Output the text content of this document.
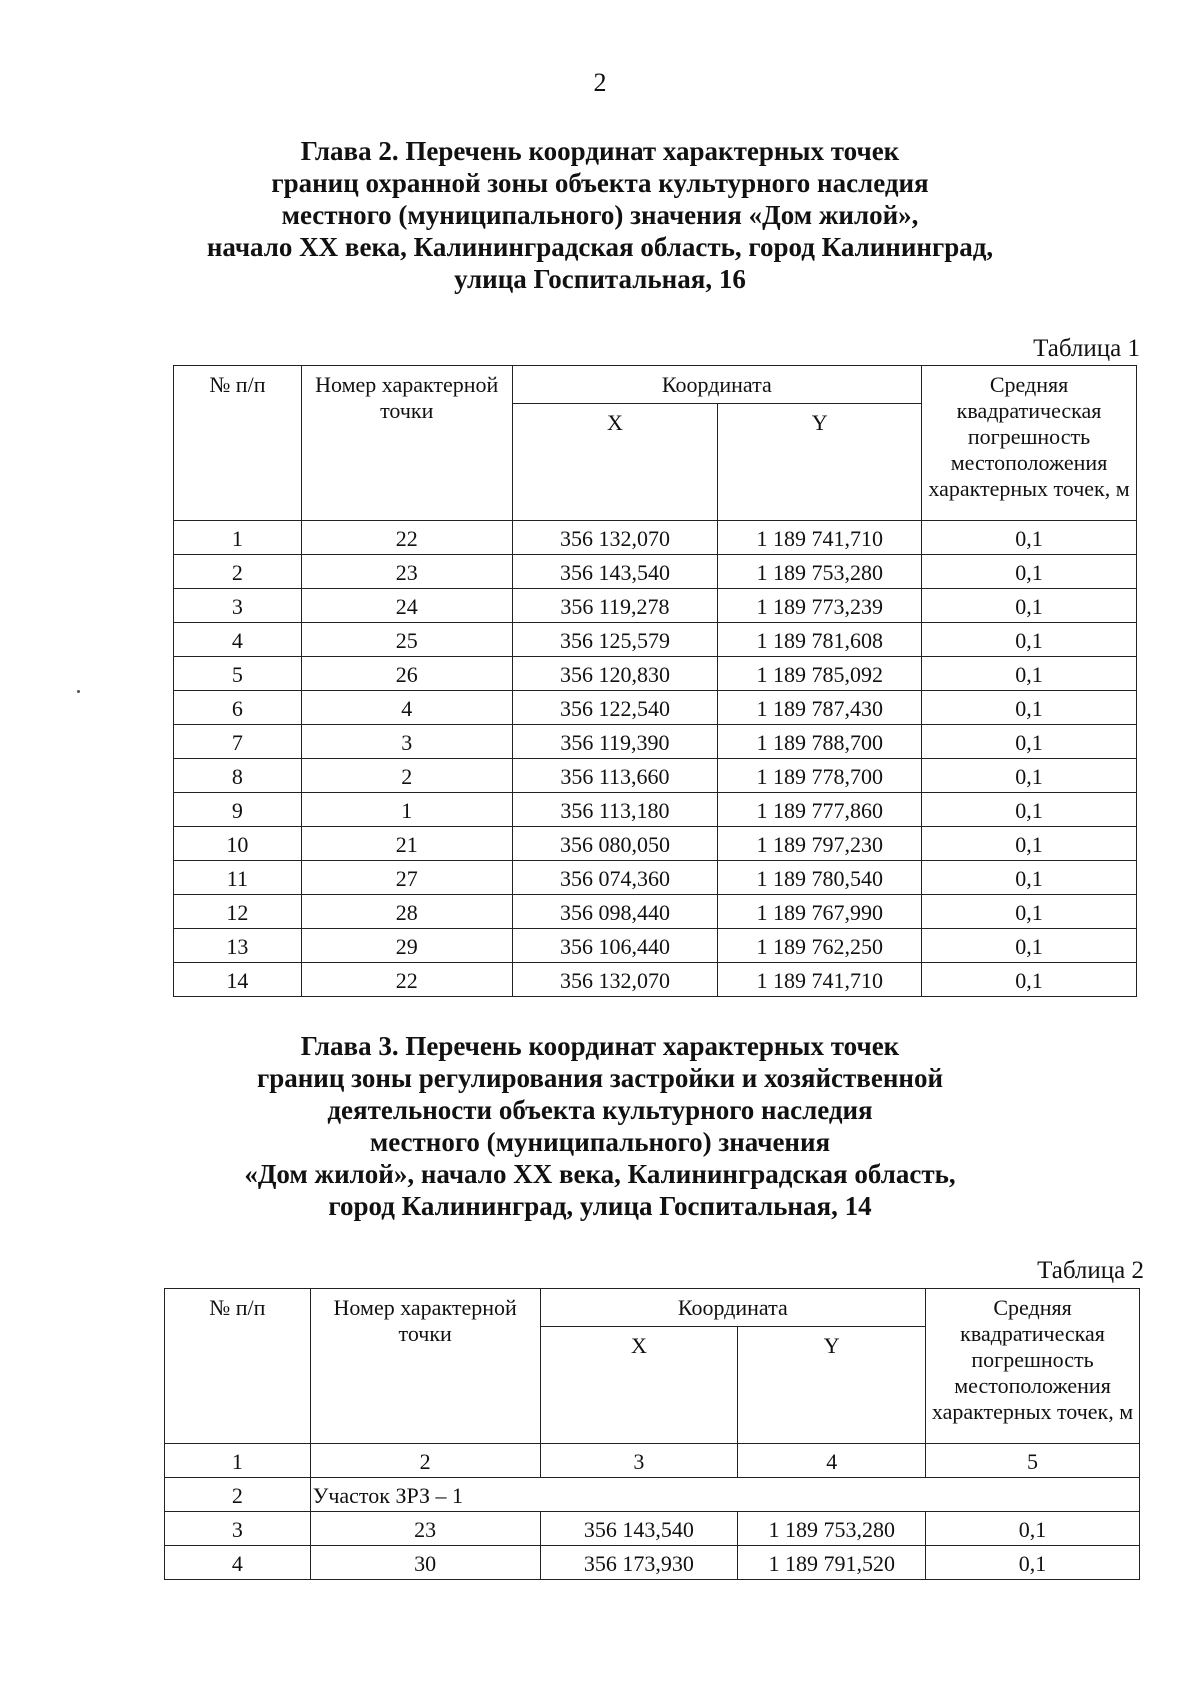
2
Глава 2. Перечень координат характерных точек
границ охранной зоны объекта культурного наследия
местного (муниципального) значения «Дом жилой»,
начало XX века, Калининградская область, город Калининград,
улица Госпитальная, 16
Таблица 1
№ п/п	Номер характерной точки	Координата		Средняя квадратическая погрешность местоположения характерных точек, м
		X	Y	
1	22	356 132,070	1 189 741,710	0,1
2	23	356 143,540	1 189 753,280	0,1
3	24	356 119,278	1 189 773,239	0,1
4	25	356 125,579	1 189 781,608	0,1
5	26	356 120,830	1 189 785,092	0,1
6	4	356 122,540	1 189 787,430	0,1
7	3	356 119,390	1 189 788,700	0,1
8	2	356 113,660	1 189 778,700	0,1
9	1	356 113,180	1 189 777,860	0,1
10	21	356 080,050	1 189 797,230	0,1
11	27	356 074,360	1 189 780,540	0,1
12	28	356 098,440	1 189 767,990	0,1
13	29	356 106,440	1 189 762,250	0,1
14	22	356 132,070	1 189 741,710	0,1
Глава 3. Перечень координат характерных точек
границ зоны регулирования застройки и хозяйственной
деятельности объекта культурного наследия
местного (муниципального) значения
«Дом жилой», начало XX века, Калининградская область,
город Калининград, улица Госпитальная, 14
Таблица 2
№ п/п	Номер характерной точки	Координата		Средняя квадратическая погрешность местоположения характерных точек, м
		X	Y	
1	2	3	4	5
2	Участок ЗРЗ – 1			
3	23	356 143,540	1 189 753,280	0,1
4	30	356 173,930	1 189 791,520	0,1
